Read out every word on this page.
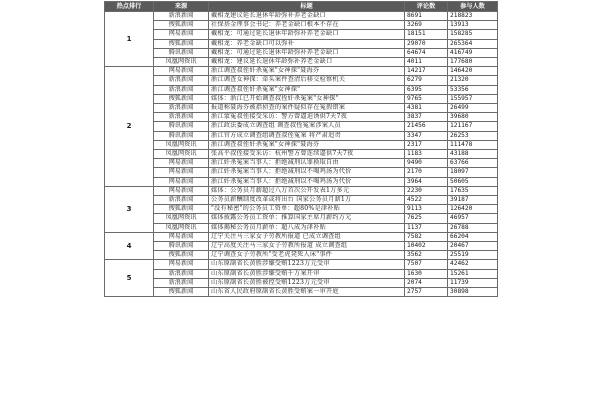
热点排行	来源	标题	评论数	参与人数
1	新浪新闻	戴相龙建议延长退休年龄弥补养老金缺口	8691	218823
	搜狐新闻	社保基金理事会书记：养老金缺口根本不存在	3269	13913
	网易新闻	戴相龙：可通过延长退休年龄弥补养老金缺口	18151	158285
	搜狐新闻	戴相龙：养老金缺口可以弥补	29070	265364
	腾讯新闻	戴相龙：可通过延长退休年龄弥补养老金缺口	64674	416749
	凤凰网资讯	戴相龙：建议延长退休年龄弥补养老金缺口	4011	177680
2	网易新闻	浙江调查叔侄奸杀冤案"女神探"聂海芬	14217	146420
	新浪新闻	浙江调查女神探：牵头案件查清后移交检察机关	6279	21320
	新浪新闻	浙江调查叔侄奸杀冤案"女神探"	6395	53356
	搜狐新闻	媒体：浙江已开始调查叔侄奸杀冤案"女神探"	9765	155957
	新浪新闻	报道称聂海芬被指侦查的案件疑似存在冤假错案	4381	26499
	新浪新闻	浙江蒙冤叔侄接受采访：警方曾逼迫诱供7天7夜	3837	39680
	腾讯新闻	浙江政法委成立调查组 调查叔侄冤案涉案人员	21456	121167
	腾讯新闻	浙江官方成立调查组调查叔侄冤案 将严肃追责	3347	26253
	凤凰网资讯	浙江调查叔侄奸杀冤案"女神探"聂海芬	2317	111478
	凤凰网资讯	张高平叔侄接受采访：杭州警方曾连续逼供7天7夜	1183	43188
	网易新闻	浙江奸杀冤案当事人：拒绝减刑认罪换取自由	9490	63766
	网易新闻	浙江奸杀冤案当事人：拒绝减刑以不喝鸡汤为代价	2170	18097
	网易新闻	浙江奸杀冤案当事人：拒绝减刑以不喝鸡汤为代价	3964	50605
3	网易新闻	媒体：公务员月薪超过八万首次公开发表1万多元	2230	17635
	新浪新闻	公务员薪酬制度改革或将出台 国家公务员月薪1万	4522	39187
	搜狐新闻	"没有秘密"的公务员工资单：超80%是津补贴	9113	126420
	凤凰网资讯	媒体披露公务员工资单：推算国家主席月薪约万元	7625	46957
	凤凰网资讯	媒体揭秘公务员月薪单：超八成为津补贴	1137	26788
4	网易新闻	辽宁关注马三家女子劳教所报道 已成立调查组	7582	66204
	腾讯新闻	辽宁高度关注马三家女子劳教所报道 成立调查组	10402	20467
	搜狐新闻	辽宁调查女子劳教所"受老虎凳死人床"事件	3562	25519
5	网易新闻	山东原副省长黄胜涉嫌受贿1223万元受审	7507	42462
	新浪新闻	山东原副省长黄胜涉嫌受贿千万案开审	1630	15261
	新浪新闻	山东原副省长黄胜被控受贿1223万元受审	2074	11739
	搜狐新闻	山东省人民政府原副省长黄胜受贿案一审开庭	2757	30898
